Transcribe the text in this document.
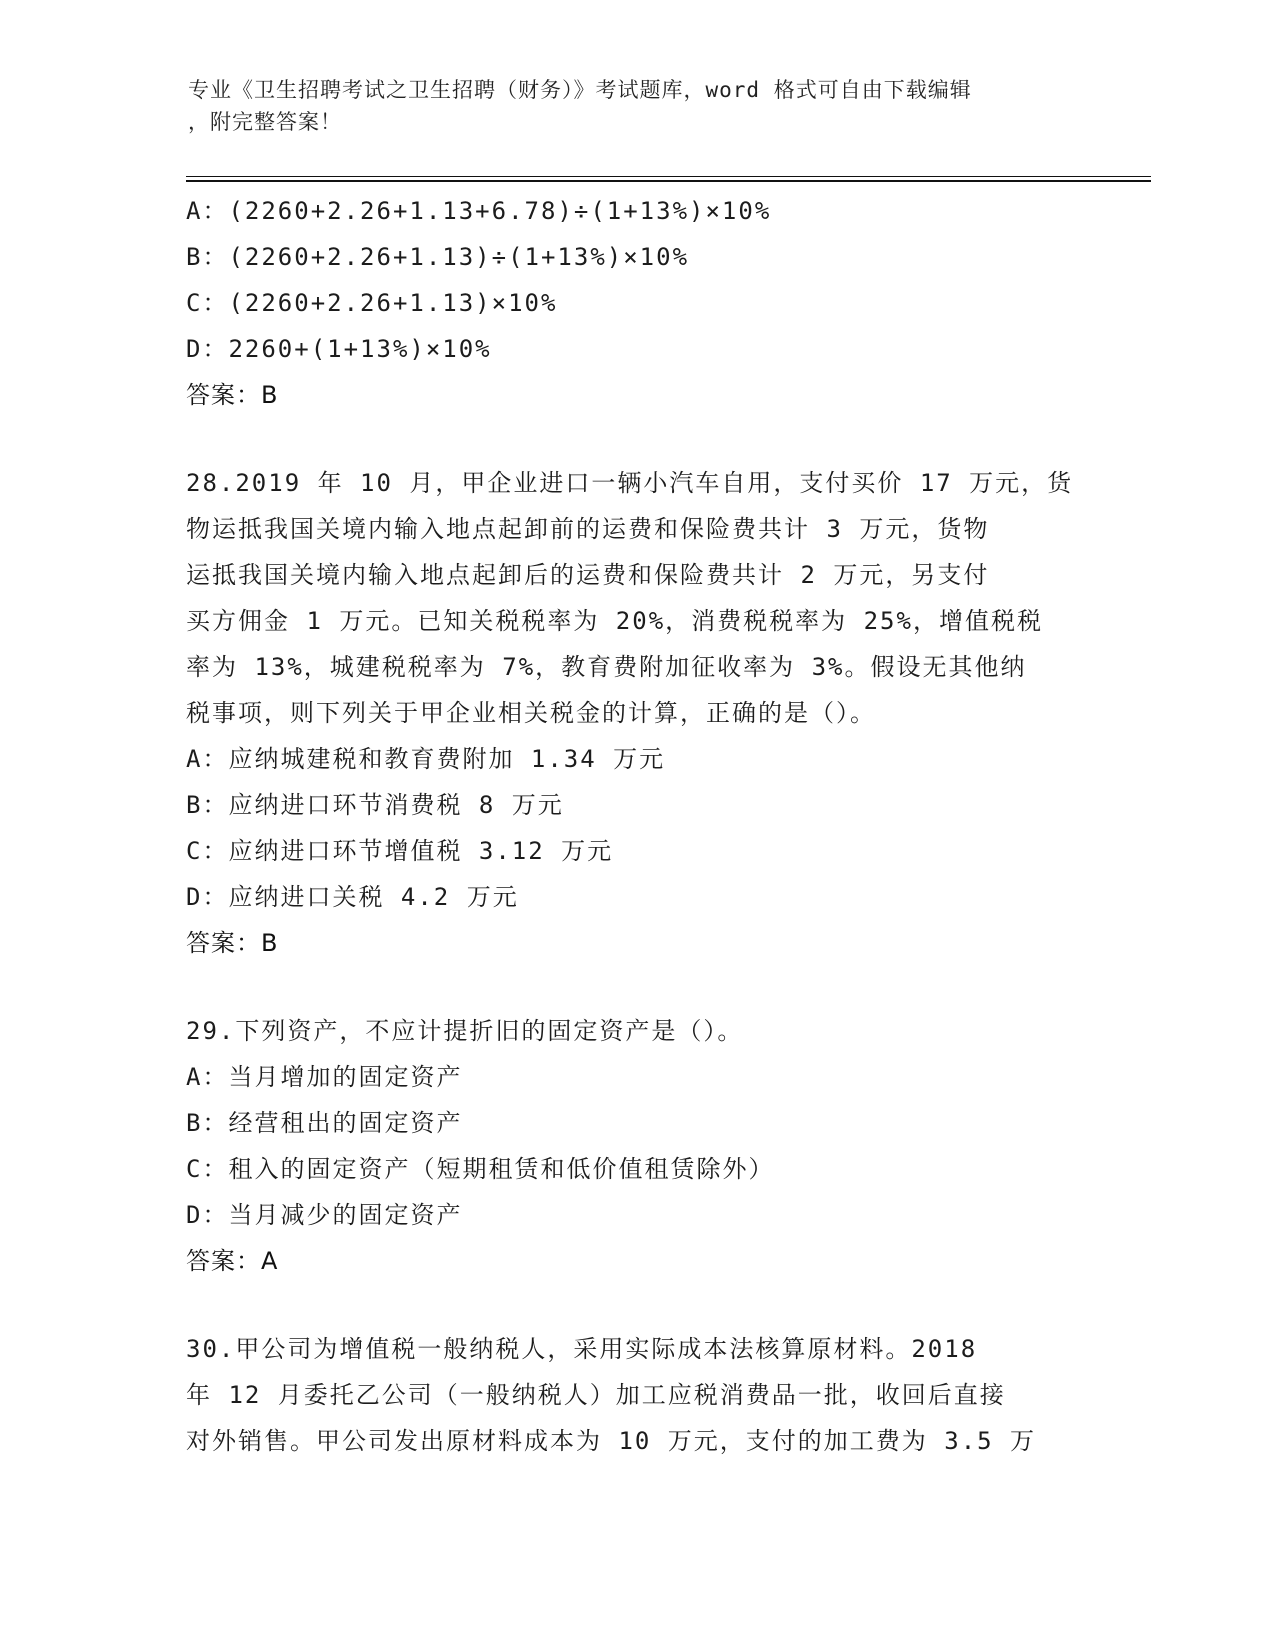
专业《卫生招聘考试之卫生招聘（财务）》考试题库，word 格式可自由下载编辑
，附完整答案！
A：(2260+2.26+1.13+6.78)÷(1+13%)×10%
B：(2260+2.26+1.13)÷(1+13%)×10%
C：(2260+2.26+1.13)×10%
D：2260+(1+13%)×10%
答案：B
28.2019 年 10 月，甲企业进口一辆小汽车自用，支付买价 17 万元，货
物运抵我国关境内输入地点起卸前的运费和保险费共计 3 万元，货物
运抵我国关境内输入地点起卸后的运费和保险费共计 2 万元，另支付
买方佣金 1 万元。已知关税税率为 20%，消费税税率为 25%，增值税税
率为 13%，城建税税率为 7%，教育费附加征收率为 3%。假设无其他纳
税事项，则下列关于甲企业相关税金的计算，正确的是（）。
A：应纳城建税和教育费附加 1.34 万元
B：应纳进口环节消费税 8 万元
C：应纳进口环节增值税 3.12 万元
D：应纳进口关税 4.2 万元
答案：B
29.下列资产，不应计提折旧的固定资产是（）。
A：当月增加的固定资产
B：经营租出的固定资产
C：租入的固定资产（短期租赁和低价值租赁除外）
D：当月减少的固定资产
答案：A
30.甲公司为增值税一般纳税人，采用实际成本法核算原材料。2018
年 12 月委托乙公司（一般纳税人）加工应税消费品一批，收回后直接
对外销售。甲公司发出原材料成本为 10 万元，支付的加工费为 3.5 万
